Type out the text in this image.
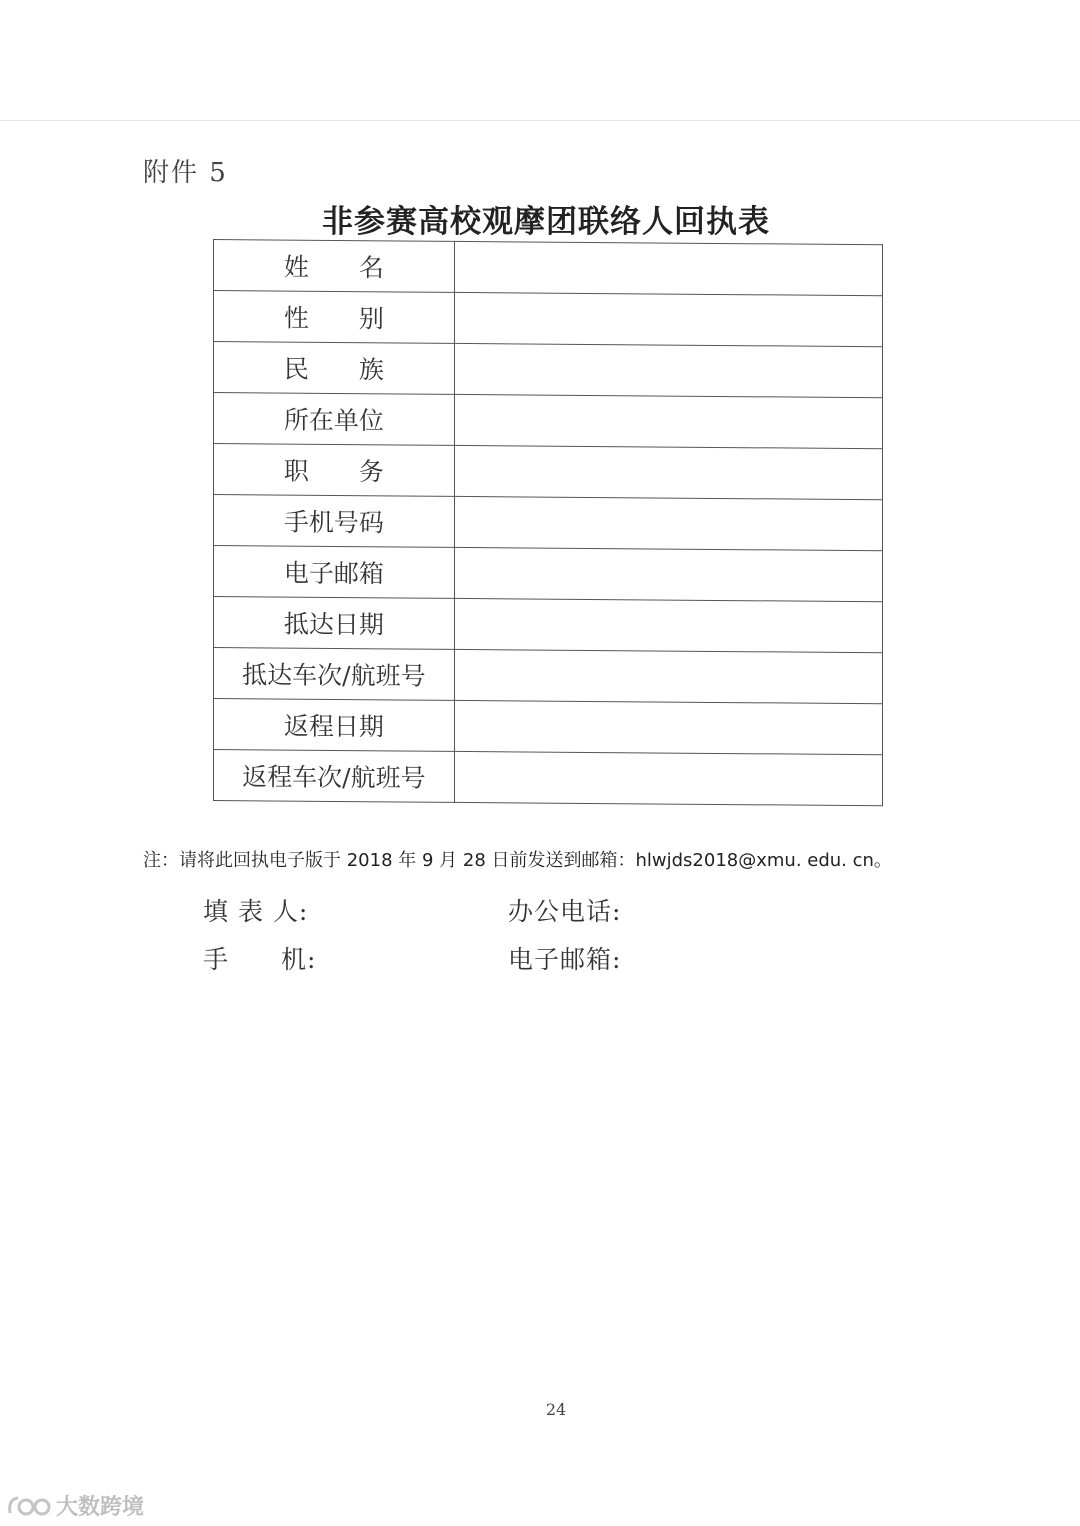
附件 5
非参赛高校观摩团联络人回执表
姓　　名	
性　　别	
民　　族	
所在单位	
职　　务	
手机号码	
电子邮箱	
抵达日期	
抵达车次/航班号	
返程日期	
返程车次/航班号	
注：请将此回执电子版于 2018 年 9 月 28 日前发送到邮箱：hlwjds2018@xmu. edu. cn。
填 表 人:	办公电话:
手　　机:	电子邮箱:
24
大数跨境
